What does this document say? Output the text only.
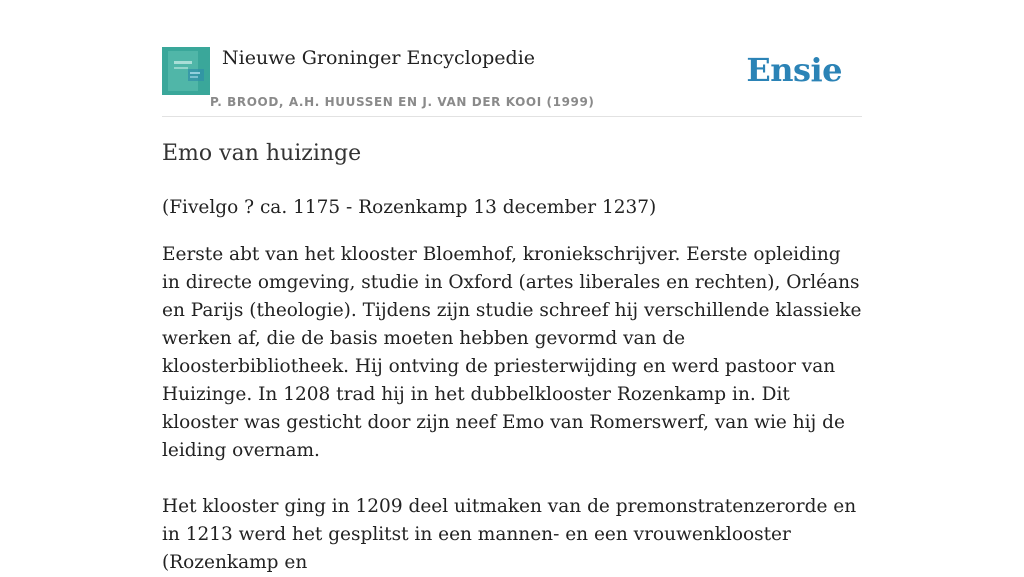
Nieuwe Groninger Encyclopedie
P. BROOD, A.H. HUUSSEN EN J. VAN DER KOOI (1999)
Ensie
Emo van huizinge

(Fivelgo ? ca. 1175 - Rozenkamp 13 december 1237)

Eerste abt van het klooster Bloemhof, kroniekschrijver. Eerste opleiding in directe omgeving, studie in Oxford (artes liberales en rechten), Orléans en Parijs (theologie). Tijdens zijn studie schreef hij verschillende klassieke werken af, die de basis moeten hebben gevormd van de kloosterbibliotheek. Hij ontving de priesterwijding en werd pastoor van Huizinge. In 1208 trad hij in het dubbelklooster Rozenkamp in. Dit klooster was gesticht door zijn neef Emo van Romerswerf, van wie hij de leiding overnam.

Het klooster ging in 1209 deel uitmaken van de premonstratenzerorde en in 1213 werd het gesplitst in een mannen- en een vrouwenklooster (Rozenkamp en
